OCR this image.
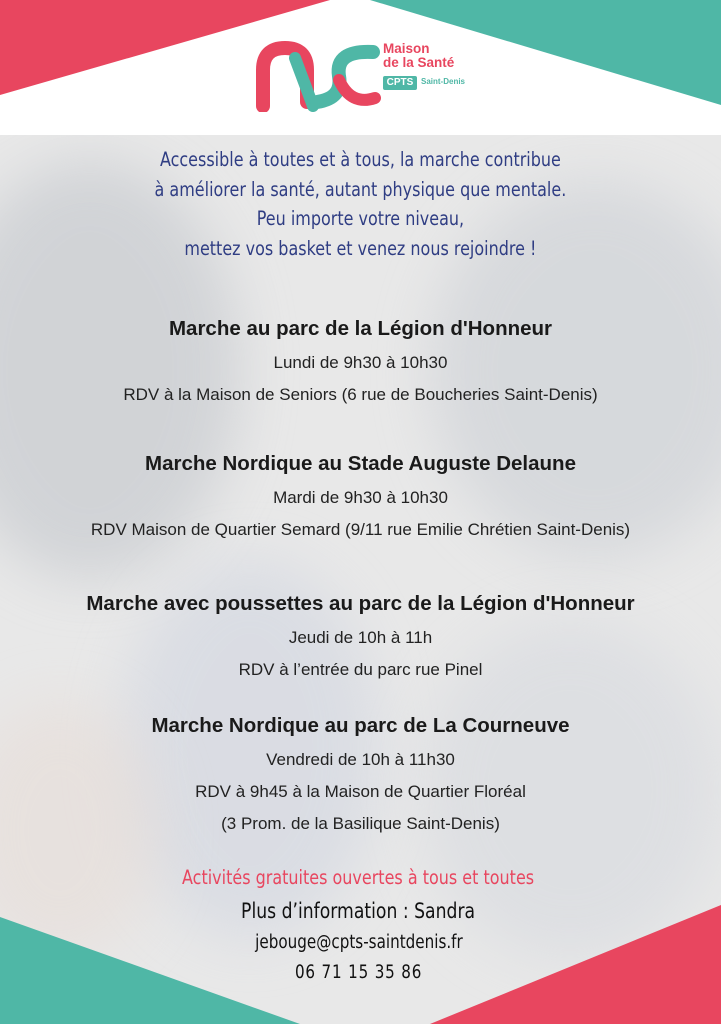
Maison
de la Santé
CPTS Saint-Denis
Accessible à toutes et à tous, la marche contribue
à améliorer la santé, autant physique que mentale.
Peu importe votre niveau,
mettez vos basket et venez nous rejoindre !
Marche au parc de la Légion d'Honneur

Lundi de 9h30 à 10h30

RDV à la Maison de Seniors (6 rue de Boucheries Saint-Denis)

Marche Nordique au Stade Auguste Delaune

Mardi de 9h30 à 10h30

RDV Maison de Quartier Semard (9/11 rue Emilie Chrétien Saint-Denis)

Marche avec poussettes au parc de la Légion d'Honneur

Jeudi de 10h à 11h

RDV à l’entrée du parc rue Pinel

Marche Nordique au parc de La Courneuve

Vendredi de 10h à 11h30

RDV à 9h45 à la Maison de Quartier Floréal

(3 Prom. de la Basilique Saint-Denis)

Activités gratuites ouvertes à tous et toutes
Plus d’information : Sandra
jebouge@cpts-saintdenis.fr
06 71 15 35 86
